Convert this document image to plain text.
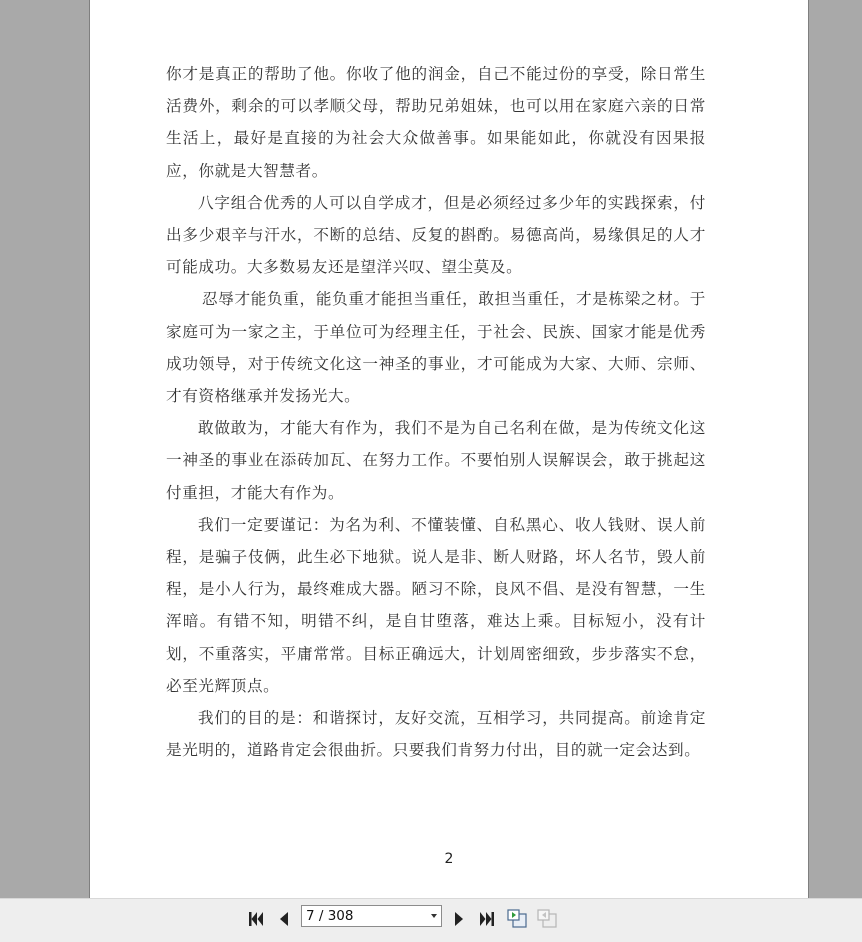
你才是真正的帮助了他。你收了他的润金，自己不能过份的享受，除日常生活费外，剩余的可以孝顺父母，帮助兄弟姐妹，也可以用在家庭六亲的日常生活上，最好是直接的为社会大众做善事。如果能如此，你就没有因果报应，你就是大智慧者。

八字组合优秀的人可以自学成才，但是必须经过多少年的实践探索，付出多少艰辛与汗水，不断的总结、反复的斟酌。易德高尚，易缘俱足的人才可能成功。大多数易友还是望洋兴叹、望尘莫及。

忍辱才能负重，能负重才能担当重任，敢担当重任，才是栋梁之材。于家庭可为一家之主，于单位可为经理主任，于社会、民族、国家才能是优秀成功领导，对于传统文化这一神圣的事业，才可能成为大家、大师、宗师、才有资格继承并发扬光大。

敢做敢为，才能大有作为，我们不是为自己名利在做，是为传统文化这一神圣的事业在添砖加瓦、在努力工作。不要怕别人误解误会，敢于挑起这付重担，才能大有作为。

我们一定要谨记：为名为利、不懂装懂、自私黑心、收人钱财、误人前程，是骗子伎俩，此生必下地狱。说人是非、断人财路，坏人名节，毁人前程，是小人行为，最终难成大器。陋习不除，良风不倡、是没有智慧，一生浑暗。有错不知，明错不纠，是自甘堕落，难达上乘。目标短小，没有计划，不重落实，平庸常常。目标正确远大，计划周密细致，步步落实不怠，必至光辉顶点。

我们的目的是：和谐探讨，友好交流，互相学习，共同提高。前途肯定是光明的，道路肯定会很曲折。只要我们肯努力付出，目的就一定会达到。

2
7 / 308
